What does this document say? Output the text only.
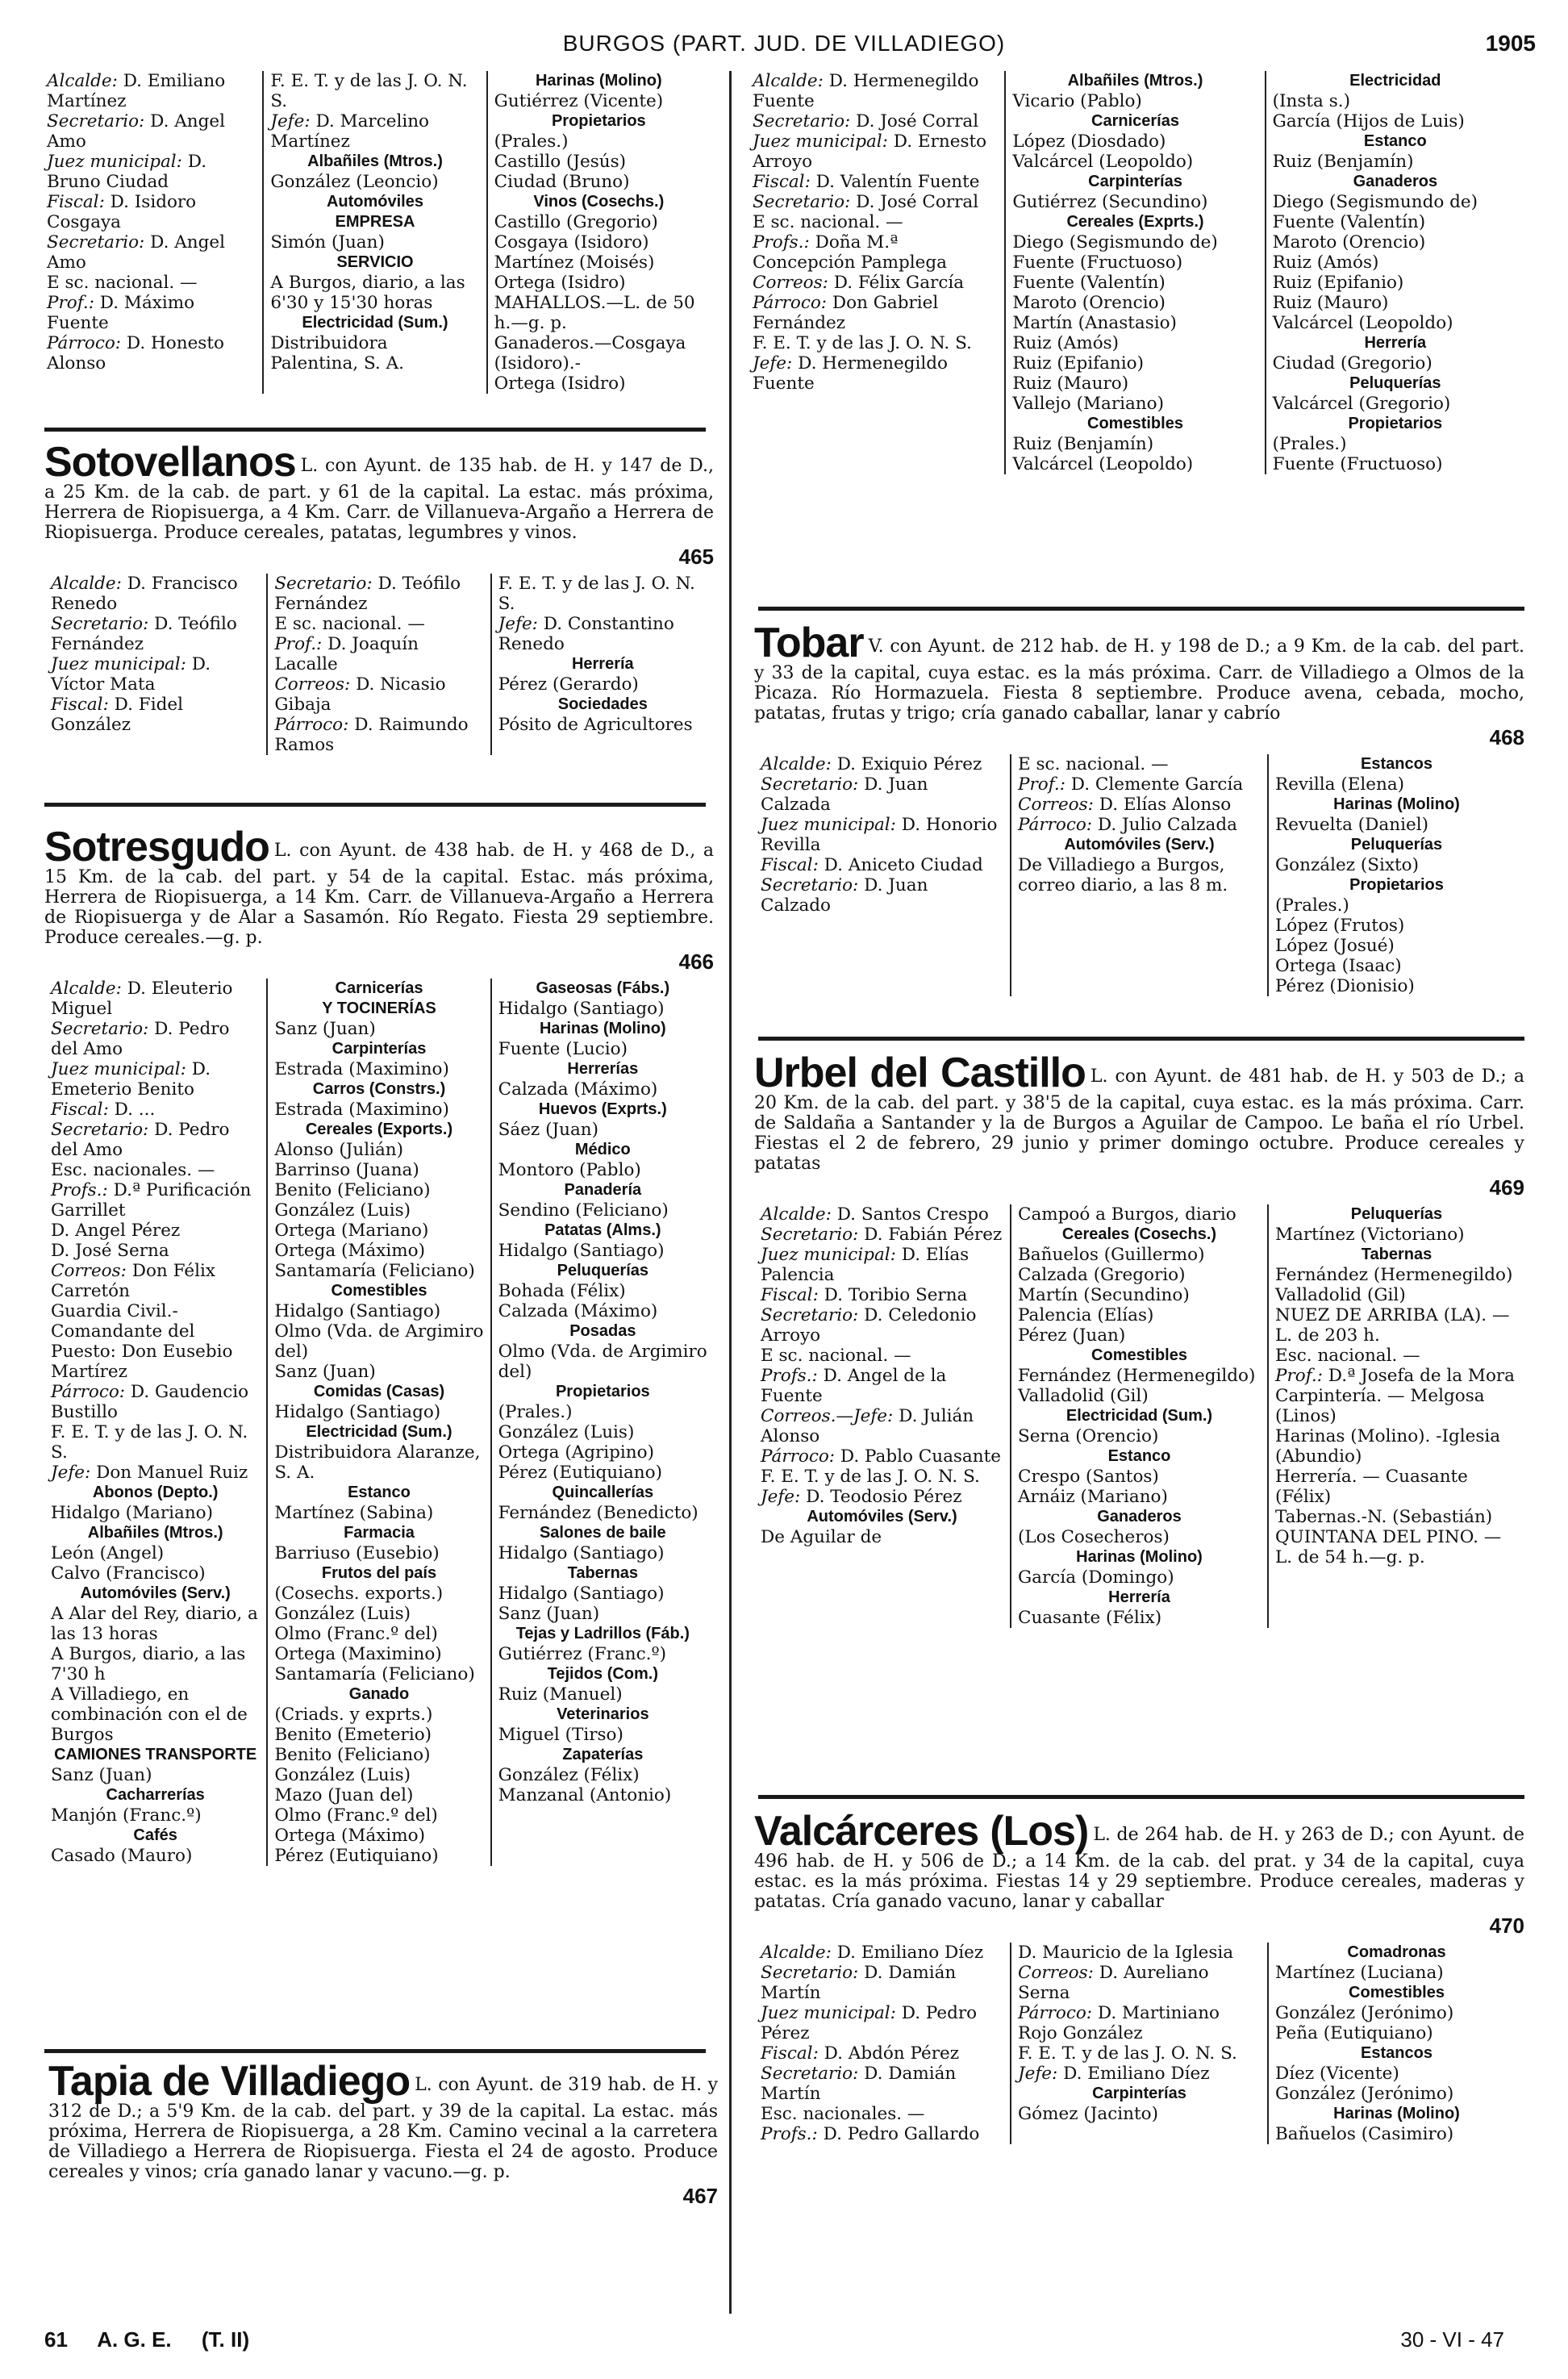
BURGOS (PART. JUD. DE VILLADIEGO)	1905

Alcalde: D. Emiliano Martínez

Secretario: D. Angel Amo

Juez municipal: D. Bruno Ciudad

Fiscal: D. Isidoro Cosgaya

Secretario: D. Angel Amo

E sc. nacional. —

Prof.: D. Máximo Fuente

Párroco: D. Honesto Alonso

F. E. T. y de las J. O. N. S.

Jefe: D. Marcelino Martínez

Albañiles (Mtros.)

González (Leoncio)

Automóviles

EMPRESA

Simón (Juan)

SERVICIO

A Burgos, diario, a las 6'30 y 15'30 horas

Electricidad (Sum.)

Distribuidora Palentina, S. A.

Harinas (Molino)

Gutiérrez (Vicente)

Propietarios

(Prales.)

Castillo (Jesús)

Ciudad (Bruno)

Vinos (Cosechs.)

Castillo (Gregorio)

Cosgaya (Isidoro)

Martínez (Moisés)

Ortega (Isidro)

MAHALLOS.—L. de 50 h.—g. p.

Ganaderos.—Cosgaya (Isidoro).-

Ortega (Isidro)

Sotovellanos L. con Ayunt. de 135 hab. de H. y 147 de D., a 25 Km. de la cab. de part. y 61 de la capital. La estac. más próxima, Herrera de Riopisuerga, a 4 Km. Carr. de Villanueva-Argaño a Herrera de Riopisuerga. Produce cereales, patatas, legumbres y vinos.

465

Alcalde: D. Francisco Renedo

Secretario: D. Teófilo Fernández

Juez municipal: D. Víctor Mata

Fiscal: D. Fidel González

Secretario: D. Teófilo Fernández

E sc. nacional. —

Prof.: D. Joaquín Lacalle

Correos: D. Nicasio Gibaja

Párroco: D. Raimundo Ramos

F. E. T. y de las J. O. N. S.

Jefe: D. Constantino Renedo

Herrería

Pérez (Gerardo)

Sociedades

Pósito de Agricultores

Sotresgudo L. con Ayunt. de 438 hab. de H. y 468 de D., a 15 Km. de la cab. del part. y 54 de la capital. Estac. más próxima, Herrera de Riopisuerga, a 14 Km. Carr. de Villanueva-Argaño a Herrera de Riopisuerga y de Alar a Sasamón. Río Regato. Fiesta 29 septiembre. Produce cereales.—g. p.

466

Alcalde: D. Eleuterio Miguel

Secretario: D. Pedro del Amo

Juez municipal: D. Emeterio Benito

Fiscal: D. ...

Secretario: D. Pedro del Amo

Esc. nacionales. —

Profs.: D.ª Purificación Garrillet

D. Angel Pérez

D. José Serna

Correos: Don Félix Carretón

Guardia Civil.-Comandante del Puesto: Don Eusebio Martírez

Párroco: D. Gaudencio Bustillo

F. E. T. y de las J. O. N. S.

Jefe: Don Manuel Ruiz

Abonos (Depto.)

Hidalgo (Mariano)

Albañiles (Mtros.)

León (Angel)

Calvo (Francisco)

Automóviles (Serv.)

A Alar del Rey, diario, a las 13 horas

A Burgos, diario, a las 7'30 h

A Villadiego, en combinación con el de Burgos

CAMIONES TRANSPORTE

Sanz (Juan)

Cacharrerías

Manjón (Franc.º)

Cafés

Casado (Mauro)

Carnicerías

Y TOCINERÍAS

Sanz (Juan)

Carpinterías

Estrada (Maximino)

Carros (Constrs.)

Estrada (Maximino)

Cereales (Exports.)

Alonso (Julián)

Barrinso (Juana)

Benito (Feliciano)

González (Luis)

Ortega (Mariano)

Ortega (Máximo)

Santamaría (Feliciano)

Comestibles

Hidalgo (Santiago)

Olmo (Vda. de Argimiro del)

Sanz (Juan)

Comidas (Casas)

Hidalgo (Santiago)

Electricidad (Sum.)

Distribuidora Alaranze, S. A.

Estanco

Martínez (Sabina)

Farmacia

Barriuso (Eusebio)

Frutos del país

(Cosechs. exports.)

González (Luis)

Olmo (Franc.º del)

Ortega (Maximino)

Santamaría (Feliciano)

Ganado

(Criads. y exprts.)

Benito (Emeterio)

Benito (Feliciano)

González (Luis)

Mazo (Juan del)

Olmo (Franc.º del)

Ortega (Máximo)

Pérez (Eutiquiano)

Gaseosas (Fábs.)

Hidalgo (Santiago)

Harinas (Molino)

Fuente (Lucio)

Herrerías

Calzada (Máximo)

Huevos (Exprts.)

Sáez (Juan)

Médico

Montoro (Pablo)

Panadería

Sendino (Feliciano)

Patatas (Alms.)

Hidalgo (Santiago)

Peluquerías

Bohada (Félix)

Calzada (Máximo)

Posadas

Olmo (Vda. de Argimiro del)

Propietarios

(Prales.)

González (Luis)

Ortega (Agripino)

Pérez (Eutiquiano)

Quincallerías

Fernández (Benedicto)

Salones de baile

Hidalgo (Santiago)

Tabernas

Hidalgo (Santiago)

Sanz (Juan)

Tejas y Ladrillos (Fáb.)

Gutiérrez (Franc.º)

Tejidos (Com.)

Ruiz (Manuel)

Veterinarios

Miguel (Tirso)

Zapaterías

González (Félix)

Manzanal (Antonio)

Tapia de Villadiego L. con Ayunt. de 319 hab. de H. y 312 de D.; a 5'9 Km. de la cab. del part. y 39 de la capital. La estac. más próxima, Herrera de Riopisuerga, a 28 Km. Camino vecinal a la carretera de Villadiego a Herrera de Riopisuerga. Fiesta el 24 de agosto. Produce cereales y vinos; cría ganado lanar y vacuno.—g. p.

467

Alcalde: D. Hermenegildo Fuente

Secretario: D. José Corral

Juez municipal: D. Ernesto Arroyo

Fiscal: D. Valentín Fuente

Secretario: D. José Corral

E sc. nacional. —

Profs.: Doña M.ª Concepción Pamplega

Correos: D. Félix García

Párroco: Don Gabriel Fernández

F. E. T. y de las J. O. N. S.

Jefe: D. Hermenegildo Fuente

Albañiles (Mtros.)

Vicario (Pablo)

Carnicerías

López (Diosdado)

Valcárcel (Leopoldo)

Carpinterías

Gutiérrez (Secundino)

Cereales (Exprts.)

Diego (Segismundo de)

Fuente (Fructuoso)

Fuente (Valentín)

Maroto (Orencio)

Martín (Anastasio)

Ruiz (Amós)

Ruiz (Epifanio)

Ruiz (Mauro)

Vallejo (Mariano)

Comestibles

Ruiz (Benjamín)

Valcárcel (Leopoldo)

Electricidad

(Insta s.)

García (Hijos de Luis)

Estanco

Ruiz (Benjamín)

Ganaderos

Diego (Segismundo de)

Fuente (Valentín)

Maroto (Orencio)

Ruiz (Amós)

Ruiz (Epifanio)

Ruiz (Mauro)

Valcárcel (Leopoldo)

Herrería

Ciudad (Gregorio)

Peluquerías

Valcárcel (Gregorio)

Propietarios

(Prales.)

Fuente (Fructuoso)

Tobar V. con Ayunt. de 212 hab. de H. y 198 de D.; a 9 Km. de la cab. del part. y 33 de la capital, cuya estac. es la más próxima. Carr. de Villadiego a Olmos de la Picaza. Río Hormazuela. Fiesta 8 septiembre. Produce avena, cebada, mocho, patatas, frutas y trigo; cría ganado caballar, lanar y cabrío

468

Alcalde: D. Exiquio Pérez

Secretario: D. Juan Calzada

Juez municipal: D. Honorio Revilla

Fiscal: D. Aniceto Ciudad

Secretario: D. Juan Calzado

E sc. nacional. —

Prof.: D. Clemente García

Correos: D. Elías Alonso

Párroco: D. Julio Calzada

Automóviles (Serv.)

De Villadiego a Burgos, correo diario, a las 8 m.

Estancos

Revilla (Elena)

Harinas (Molino)

Revuelta (Daniel)

Peluquerías

González (Sixto)

Propietarios

(Prales.)

López (Frutos)

López (Josué)

Ortega (Isaac)

Pérez (Dionisio)

Urbel del Castillo L. con Ayunt. de 481 hab. de H. y 503 de D.; a 20 Km. de la cab. del part. y 38'5 de la capital, cuya estac. es la más próxima. Carr. de Saldaña a Santander y la de Burgos a Aguilar de Campoo. Le baña el río Urbel. Fiestas el 2 de febrero, 29 junio y primer domingo octubre. Produce cereales y patatas

469

Alcalde: D. Santos Crespo

Secretario: D. Fabián Pérez

Juez municipal: D. Elías Palencia

Fiscal: D. Toribio Serna

Secretario: D. Celedonio Arroyo

E sc. nacional. —

Profs.: D. Angel de la Fuente

Correos.—Jefe: D. Julián Alonso

Párroco: D. Pablo Cuasante

F. E. T. y de las J. O. N. S.

Jefe: D. Teodosio Pérez

Automóviles (Serv.)

De Aguilar de

Campoó a Burgos, diario

Cereales (Cosechs.)

Bañuelos (Guillermo)

Calzada (Gregorio)

Martín (Secundino)

Palencia (Elías)

Pérez (Juan)

Comestibles

Fernández (Hermenegildo)

Valladolid (Gil)

Electricidad (Sum.)

Serna (Orencio)

Estanco

Crespo (Santos)

Arnáiz (Mariano)

Ganaderos

(Los Cosecheros)

Harinas (Molino)

García (Domingo)

Herrería

Cuasante (Félix)

Peluquerías

Martínez (Victoriano)

Tabernas

Fernández (Hermenegildo)

Valladolid (Gil)

NUEZ DE ARRIBA (LA). — L. de 203 h.

Esc. nacional. —

Prof.: D.ª Josefa de la Mora

Carpintería. — Melgosa (Linos)

Harinas (Molino). -Iglesia (Abundio)

Herrería. — Cuasante (Félix)

Tabernas.-N. (Sebastián)

QUINTANA DEL PINO. — L. de 54 h.—g. p.

Valcárceres (Los) L. de 264 hab. de H. y 263 de D.; con Ayunt. de 496 hab. de H. y 506 de D.; a 14 Km. de la cab. del prat. y 34 de la capital, cuya estac. es la más próxima. Fiestas 14 y 29 septiembre. Produce cereales, maderas y patatas. Cría ganado vacuno, lanar y caballar

470

Alcalde: D. Emiliano Díez

Secretario: D. Damián Martín

Juez municipal: D. Pedro Pérez

Fiscal: D. Abdón Pérez

Secretario: D. Damián Martín

Esc. nacionales. —

Profs.: D. Pedro Gallardo

D. Mauricio de la Iglesia

Correos: D. Aureliano Serna

Párroco: D. Martiniano Rojo González

F. E. T. y de las J. O. N. S.

Jefe: D. Emiliano Díez

Carpinterías

Gómez (Jacinto)

Comadronas

Martínez (Luciana)

Comestibles

González (Jerónimo)

Peña (Eutiquiano)

Estancos

Díez (Vicente)

González (Jerónimo)

Harinas (Molino)

Bañuelos (Casimiro)

61 A. G. E. (T. II)	30 - VI - 47
